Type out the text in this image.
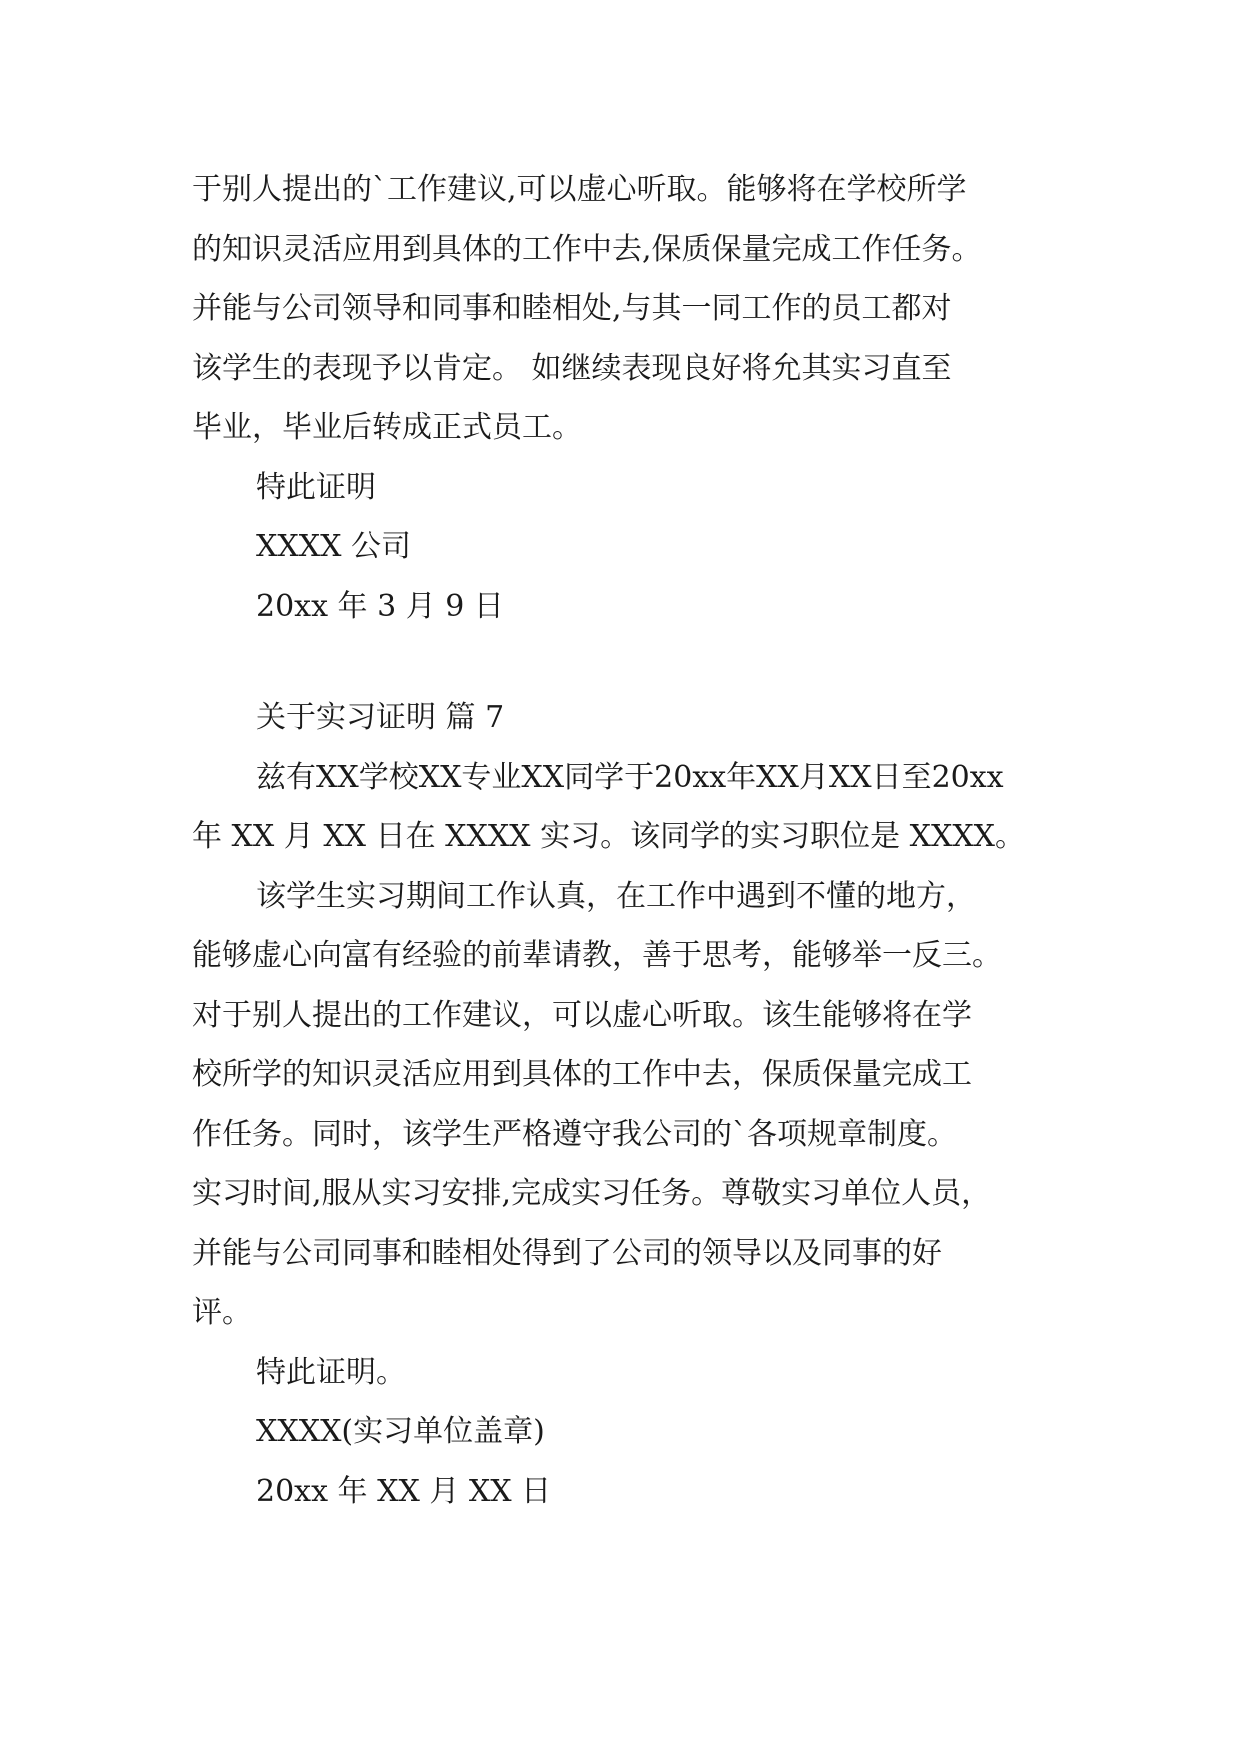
于别人提出的`工作建议,可以虚心听取。能够将在学校所学
的知识灵活应用到具体的工作中去,保质保量完成工作任务。
并能与公司领导和同事和睦相处,与其一同工作的员工都对
该学生的表现予以肯定。 如继续表现良好将允其实习直至
毕业，毕业后转成正式员工。
特此证明
XXXX 公司
20xx 年 3 月 9 日
关于实习证明 篇 7
兹有XX学校XX专业XX同学于20xx年XX月XX日至20xx
年 XX 月 XX 日在 XXXX 实习。该同学的实习职位是 XXXX。
该学生实习期间工作认真，在工作中遇到不懂的地方，
能够虚心向富有经验的前辈请教，善于思考，能够举一反三。
对于别人提出的工作建议，可以虚心听取。该生能够将在学
校所学的知识灵活应用到具体的工作中去，保质保量完成工
作任务。同时，该学生严格遵守我公司的`各项规章制度。
实习时间,服从实习安排,完成实习任务。尊敬实习单位人员，
并能与公司同事和睦相处得到了公司的领导以及同事的好
评。
特此证明。
XXXX(实习单位盖章)
20xx 年 XX 月 XX 日
